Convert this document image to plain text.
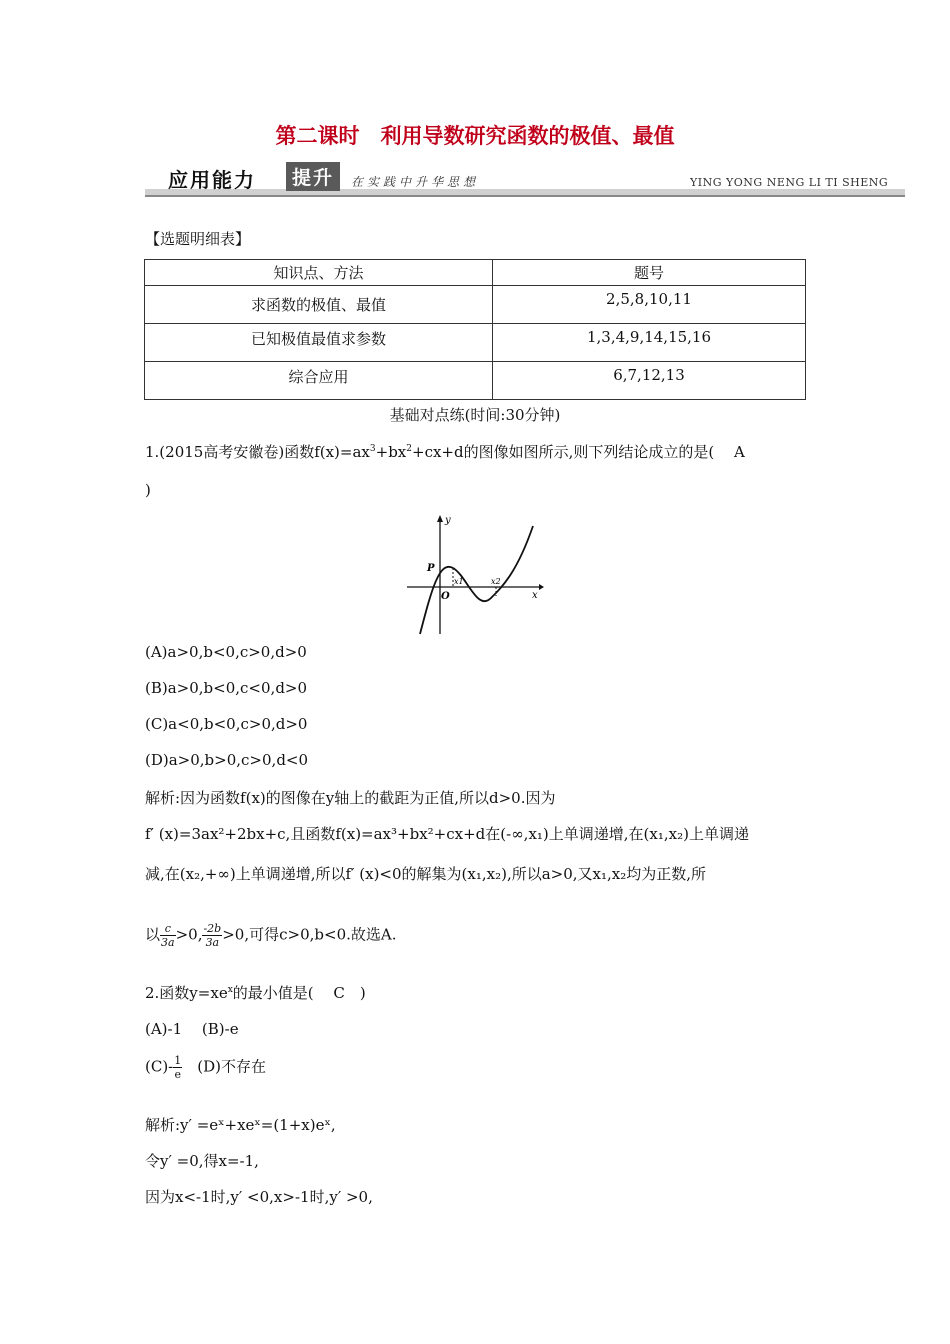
第二课时　利用导数研究函数的极值、最值
应用能力	提升	在实践中升华思想	YING YONG NENG LI TI SHENG
【选题明细表】
知识点、方法	题号
求函数的极值、最值	2,5,8,10,11
已知极值最值求参数	1,3,4,9,14,15,16
综合应用	6,7,12,13
基础对点练(时间:30分钟)
1.(2015高考安徽卷)函数$f(x)=ax^3+bx^2+cx+d$的图像如图所示,则下列结论成立的是(　 A
)
y
x
P
O
x1	x2
(A)a>0,b<0,c>0,d>0
(B)a>0,b<0,c<0,d>0
(C)a<0,b<0,c>0,d>0
(D)a>0,b>0,c>0,d<0
解析:因为函数f(x)的图像在y轴上的截距为正值,所以d>0.因为
f′ (x)=3ax²+2bx+c,且函数f(x)=ax³+bx²+cx+d在(-∞,x₁)上单调递增,在(x₁,x₂)上单调递
减,在(x₂,+∞)上单调递增,所以f′ (x)<0的解集为(x₁,x₂),所以a>0,又x₁,x₂均为正数,所
以 $\frac{c}{3a} >0$, $\frac{-2b}{3a} >0$,可得c>0,b<0.故选A.
2.函数$y=xe^x$的最小值是(　 C　)
(A)-1　 (B)-e
$(C)- \frac{1}{e}$ 　(D)不存在
解析:y′ =eˣ+xeˣ=(1+x)eˣ,
令y′ =0,得x=-1,
因为x<-1时,y′ <0,x>-1时,y′ >0,
